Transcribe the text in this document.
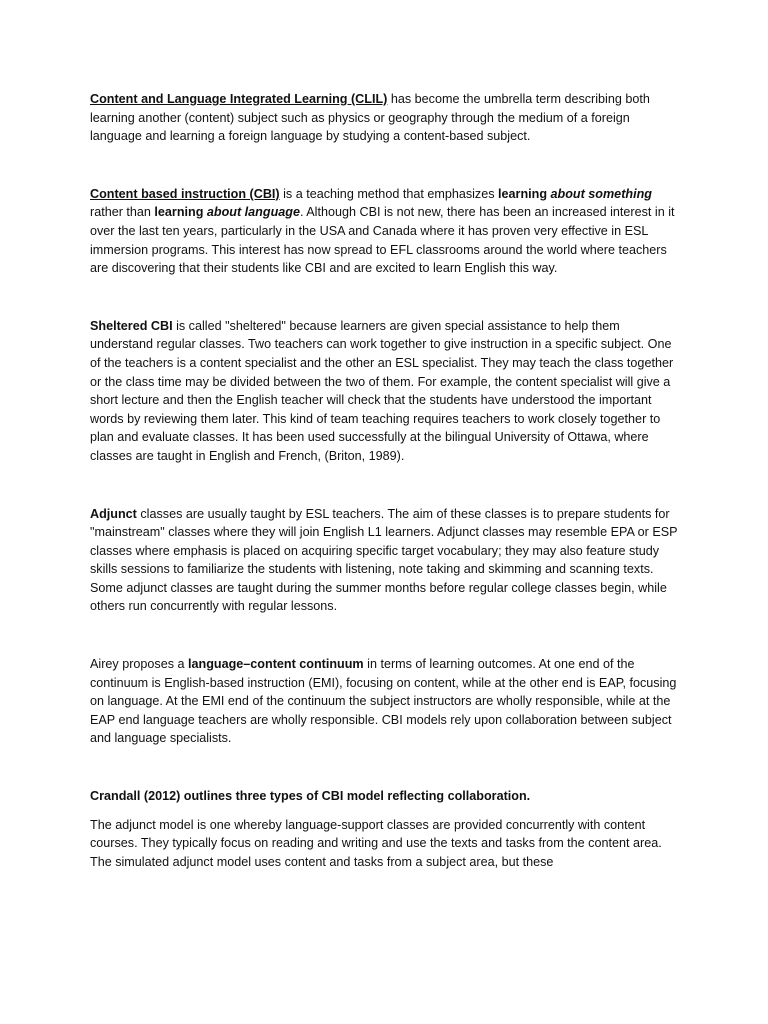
Content and Language Integrated Learning (CLIL) has become the umbrella term describing both learning another (content) subject such as physics or geography through the medium of a foreign language and learning a foreign language by studying a content-based subject.

Content based instruction (CBI) is a teaching method that emphasizes learning about something rather than learning about language. Although CBI is not new, there has been an increased interest in it over the last ten years, particularly in the USA and Canada where it has proven very effective in ESL immersion programs. This interest has now spread to EFL classrooms around the world where teachers are discovering that their students like CBI and are excited to learn English this way.

Sheltered CBI is called "sheltered" because learners are given special assistance to help them understand regular classes. Two teachers can work together to give instruction in a specific subject. One of the teachers is a content specialist and the other an ESL specialist. They may teach the class together or the class time may be divided between the two of them. For example, the content specialist will give a short lecture and then the English teacher will check that the students have understood the important words by reviewing them later. This kind of team teaching requires teachers to work closely together to plan and evaluate classes. It has been used successfully at the bilingual University of Ottawa, where classes are taught in English and French, (Briton, 1989).

Adjunct classes are usually taught by ESL teachers. The aim of these classes is to prepare students for "mainstream" classes where they will join English L1 learners. Adjunct classes may resemble EPA or ESP classes where emphasis is placed on acquiring specific target vocabulary; they may also feature study skills sessions to familiarize the students with listening, note taking and skimming and scanning texts. Some adjunct classes are taught during the summer months before regular college classes begin, while others run concurrently with regular lessons.

Airey proposes a language–content continuum in terms of learning outcomes. At one end of the continuum is English-based instruction (EMI), focusing on content, while at the other end is EAP, focusing on language. At the EMI end of the continuum the subject instructors are wholly responsible, while at the EAP end language teachers are wholly responsible. CBI models rely upon collaboration between subject and language specialists.

Crandall (2012) outlines three types of CBI model reflecting collaboration.

The adjunct model is one whereby language-support classes are provided concurrently with content courses. They typically focus on reading and writing and use the texts and tasks from the content area. The simulated adjunct model uses content and tasks from a subject area, but these
